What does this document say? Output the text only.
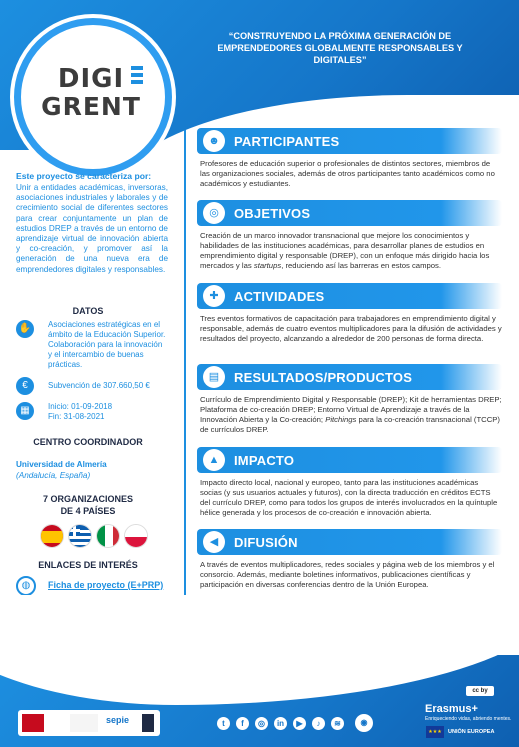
“CONSTRUYENDO LA PRÓXIMA GENERACIÓN DE
EMPRENDEDORES GLOBALMENTE RESPONSABLES Y DIGITALES”
DIGI
GRENT
Este proyecto se caracteriza por:
Unir a entidades académicas, inversoras, asociaciones industriales y laborales y de crecimiento social de diferentes sectores para crear conjuntamente un plan de estudios DREP a través de un entorno de aprendizaje virtual de innovación abierta y co-creación, y promover así la generación de una nueva era de emprendedores digitales y responsables.
DATOS
✋	Asociaciones estratégicas en el ámbito de la Educación Superior. Colaboración para la innovación y el intercambio de buenas prácticas.
€	Subvención de 307.660,50 €
▦	Inicio: 01-09-2018
Fin: 31-08-2021
CENTRO COORDINADOR
Universidad de Almería
(Andalucía, España)
7 ORGANIZACIONES
DE 4 PAÍSES
ENLACES DE INTERÉS
◍	Ficha de proyecto (E+PRP)
☻	PARTICIPANTES
Profesores de educación superior o profesionales de distintos sectores, miembros de las organizaciones sociales, además de otros participantes tanto académicos como no académicos y estudiantes.
◎	OBJETIVOS
Creación de un marco innovador transnacional que mejore los conocimientos y habilidades de las instituciones académicas, para desarrollar planes de estudios en emprendimiento digital y responsable (DREP), con un enfoque más dirigido hacia los mercados y las startups, reduciendo así las barreras en estos campos.
✚	ACTIVIDADES
Tres eventos formativos de capacitación para trabajadores en emprendimiento digital y responsable, además de cuatro eventos multiplicadores para la difusión de actividades y resultados del proyecto, alcanzando a alrededor de 200 personas de forma directa.
▤	RESULTADOS/PRODUCTOS
Currículo de Emprendimiento Digital y Responsable (DREP); Kit de herramientas DREP; Plataforma de co-creación DREP; Entorno Virtual de Aprendizaje a través de la Innovación Abierta y la Co-creación; Pitchings para la co-creación transnacional (TCCP) de currículos DREP.
▲	IMPACTO
Impacto directo local, nacional y europeo, tanto para las instituciones académicas socias (y sus usuarios actuales y futuros), con la directa traducción en créditos ECTS del currículo DREP, como para todos los grupos de interés involucrados en la quíntuple hélice generada y los procesos de co-creación e innovación abierta.
◀	DIFUSIÓN
A través de eventos multiplicadores, redes sociales y página web de los miembros y el consorcio. Además, mediante boletines informativos, publicaciones científicas y participación en diversas conferencias dentro de la Unión Europea.
cc by
sepie	t	f	◎	in	▶	♪	≋	◉
Erasmus+
Enriqueciendo vidas, abriendo mentes.
★★★	UNIÓN EUROPEA
